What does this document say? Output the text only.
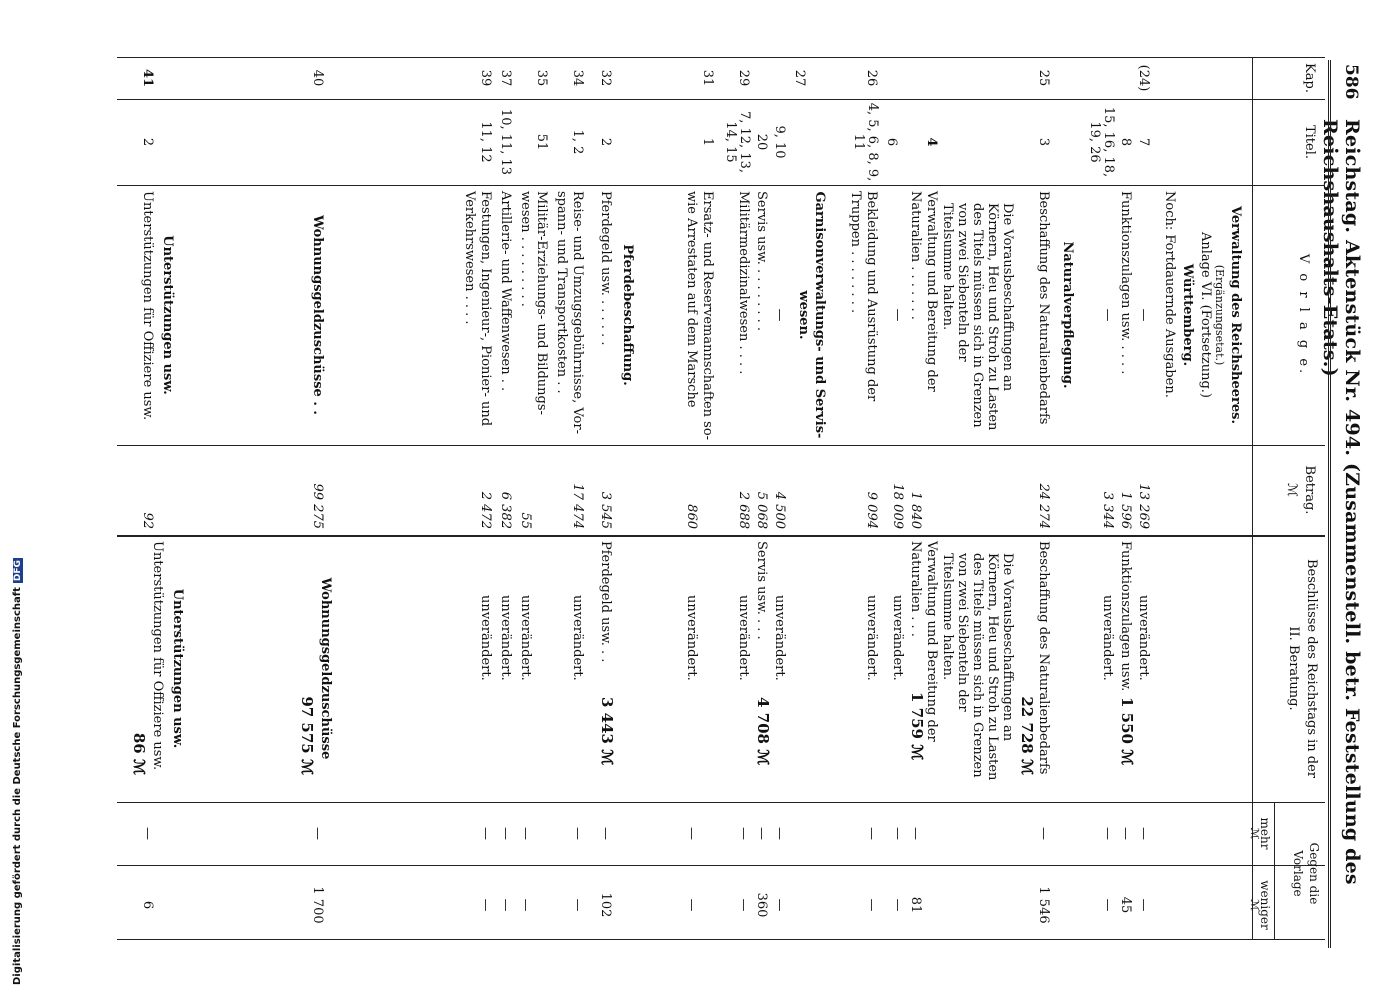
Digitalisierung gefördert durch die Deutsche ForschungsgemeinschaftDFG
586
Reichstag. Aktenstück Nr. 494. (Zusammenstell. betr. Feststellung des Reichshaushalts-Etats.)
Kap.
Titel.
V o r l a g e.
Betrag.
ℳ
Beschlüsse des Reichstags in der
II. Beratung.
Gegen die
Vorlage
mehr
weniger
ℳ
ℳ
Verwaltung des Reichsheeres.
(Ergänzungsetat.)
Anlage VI. (Fortsetzung.)
Württemberg.
Noch: Fortdauernde Ausgaben.
(24)
7
—
13 269
unverändert.
—
—
8
Funktionszulagen usw. . . . .
1 596
Funktionszulagen usw.
1 550 ℳ
—
45
15, 16, 18, 19, 26
—
3 344
unverändert.
—
—
Naturalverpflegung.
25
3
Beschaffung des Naturalienbedarfs
24 274
Beschaffung des Naturalienbedarfs
—
1 546
22 728 ℳ
Die Vorausbeschaffungen an Körnern, Heu und Stroh zu Lasten des Titels müssen sich in Grenzen von zwei Siebenteln der Titelsumme halten.
Die Vorausbeschaffungen an Körnern, Heu und Stroh zu Lasten des Titels müssen sich in Grenzen von zwei Siebenteln der Titelsumme halten.
4
Verwaltung und Bereitung der Naturalien . . . . . . .
1 840
Verwaltung und Bereitung der Naturalien . . .
1 759 ℳ
—
81
6
—
18 009
unverändert.
—
—
26
4, 5, 6, 8, 9, 11
Bekleidung und Ausrüstung der Truppen . . . . . . . .
9 094
unverändert.
—
—
Garnisonverwaltungs- und Serviswesen.
27
9, 10
—
4 500
unverändert.
—
—
20
Servis usw. . . . . . . . .
5 068
Servis usw. . . .
4 708 ℳ
—
360
29
7, 12, 13, 14, 15
Militärmedizinalwesen . . . .
2 688
unverändert.
—
—
31
1
Ersatz- und Reservemannschaften sowie Arrestaten auf dem Marsche
860
unverändert.
—
—
Pferdebeschaffung.
32
2
Pferdegeld usw. . . . . . .
3 545
Pferdegeld usw. . .
3 443 ℳ
—
102
34
1, 2
Reise- und Umzugsgebührnisse, Vorspann- und Transportkosten . .
17 474
unverändert.
—
—
35
51
Militär-Erziehungs- und Bildungswesen . . . . . . . . .
55
unverändert.
—
—
37
10, 11, 13
Artillerie- und Waffenwesen . .
6 382
unverändert.
—
—
39
11, 12
Festungen, Ingenieur-, Pionier- und Verkehrswesen . . . .
2 472
unverändert.
—
—
40
Wohnungsgeldzuschüsse . .
99 275
Wohnungsgeldzuschüsse
97 575 ℳ
—
1 700
Unterstützungen usw.
41
2
Unterstützungen für Offiziere usw.
92
Unterstützungen usw.
Unterstützungen für Offiziere usw.
86 ℳ
—
6
